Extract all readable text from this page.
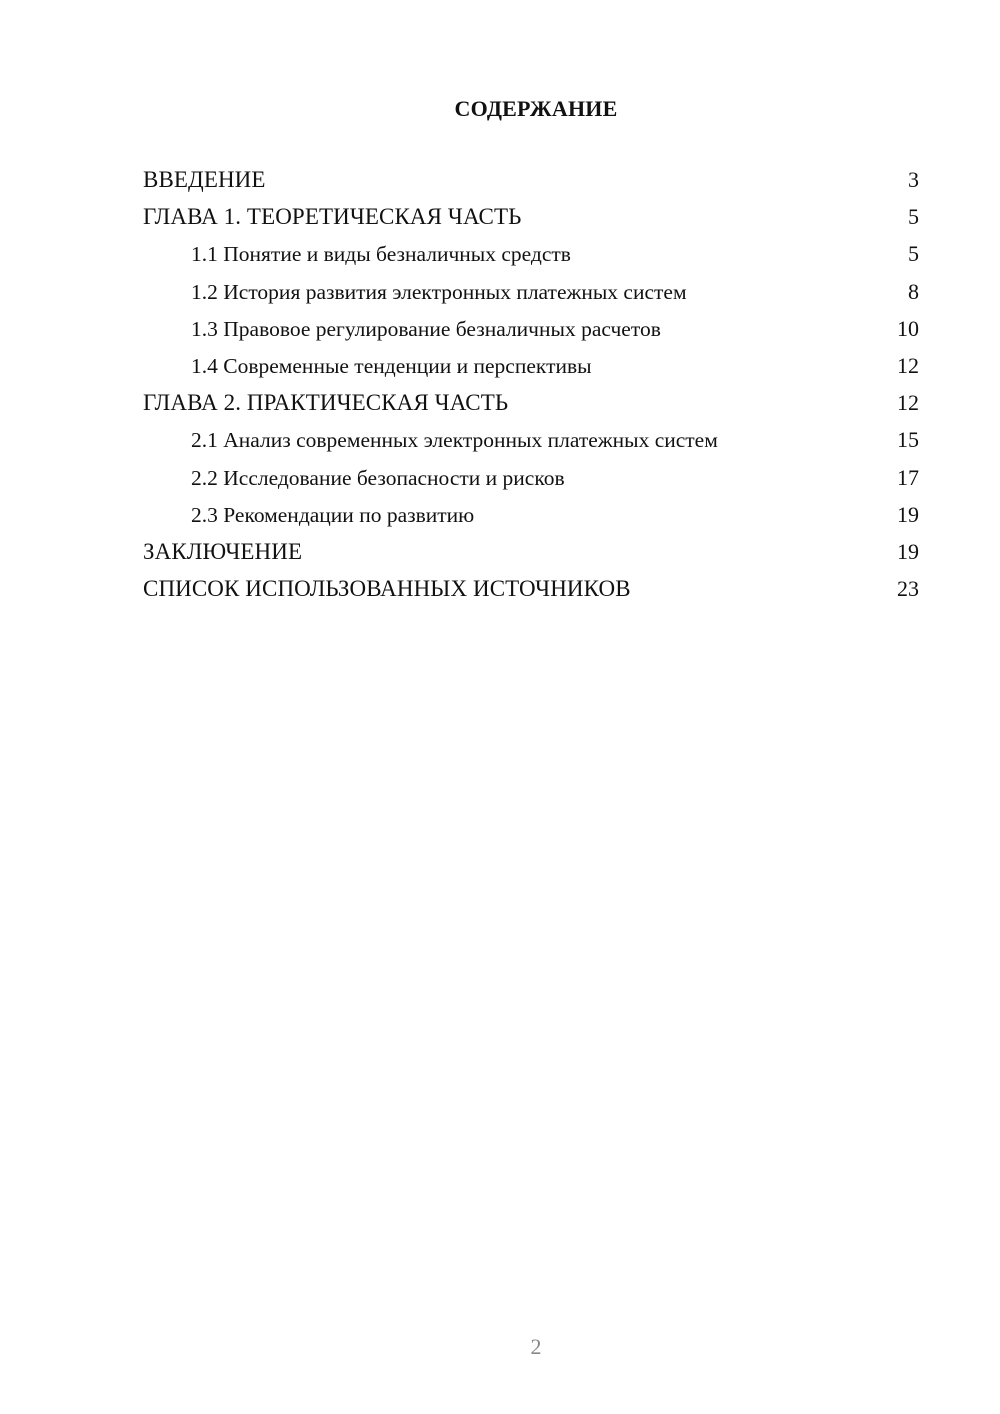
СОДЕРЖАНИЕ
ВВЕДЕНИЕ	3
ГЛАВА 1. ТЕОРЕТИЧЕСКАЯ ЧАСТЬ	5
1.1 Понятие и виды безналичных средств	5
1.2 История развития электронных платежных систем	8
1.3 Правовое регулирование безналичных расчетов	10
1.4 Современные тенденции и перспективы	12
ГЛАВА 2. ПРАКТИЧЕСКАЯ ЧАСТЬ	12
2.1 Анализ современных электронных платежных систем	15
2.2 Исследование безопасности и рисков	17
2.3 Рекомендации по развитию	19
ЗАКЛЮЧЕНИЕ	19
СПИСОК ИСПОЛЬЗОВАННЫХ ИСТОЧНИКОВ	23
2
